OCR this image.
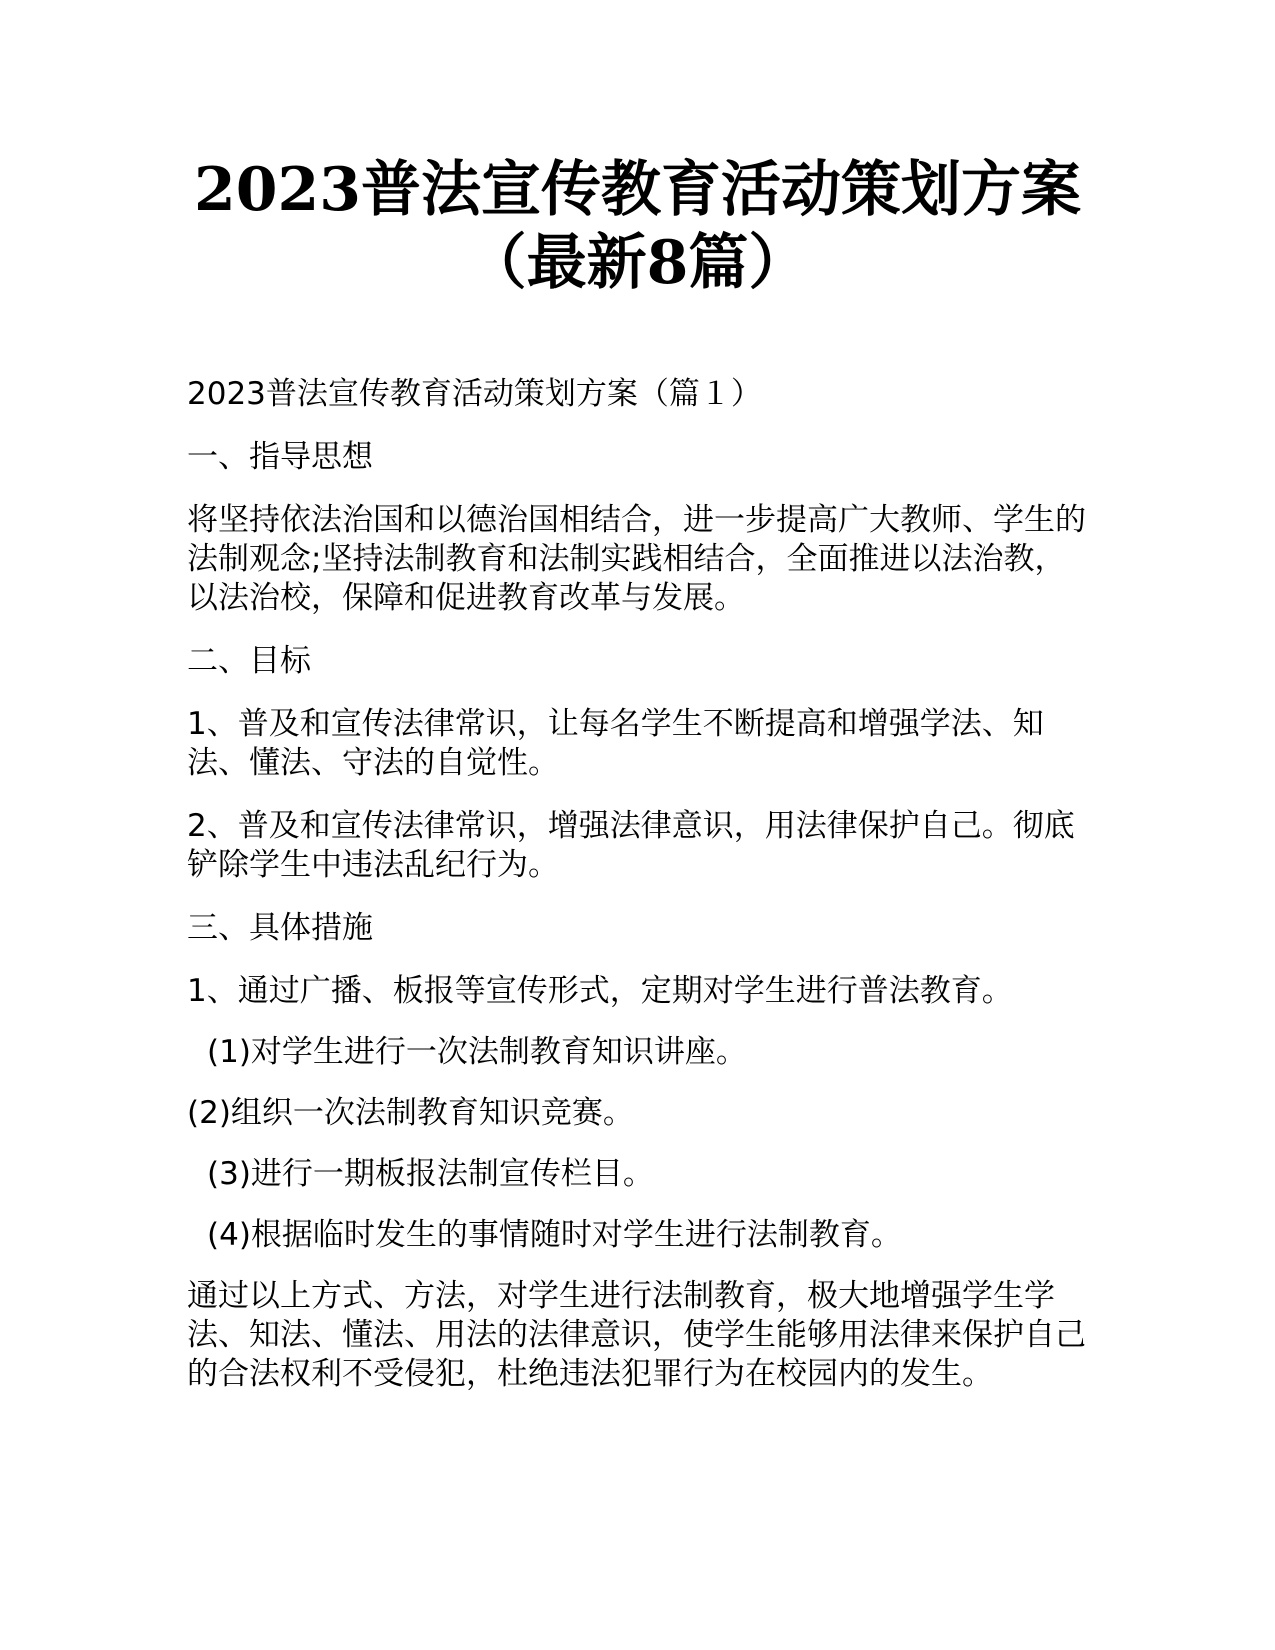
2023普法宣传教育活动策划方案
（最新8篇）

2023普法宣传教育活动策划方案（篇１）

一、指导思想

将坚持依法治国和以德治国相结合，进一步提高广大教师、学生的法制观念;坚持法制教育和法制实践相结合，全面推进以法治教，以法治校，保障和促进教育改革与发展。

二、目标

1、普及和宣传法律常识，让每名学生不断提高和增强学法、知法、懂法、守法的自觉性。

2、普及和宣传法律常识，增强法律意识，用法律保护自己。彻底铲除学生中违法乱纪行为。

三、具体措施

1、通过广播、板报等宣传形式，定期对学生进行普法教育。

(1)对学生进行一次法制教育知识讲座。

(2)组织一次法制教育知识竞赛。

(3)进行一期板报法制宣传栏目。

(4)根据临时发生的事情随时对学生进行法制教育。

通过以上方式、方法，对学生进行法制教育，极大地增强学生学法、知法、懂法、用法的法律意识，使学生能够用法律来保护自己的合法权利不受侵犯，杜绝违法犯罪行为在校园内的发生。
